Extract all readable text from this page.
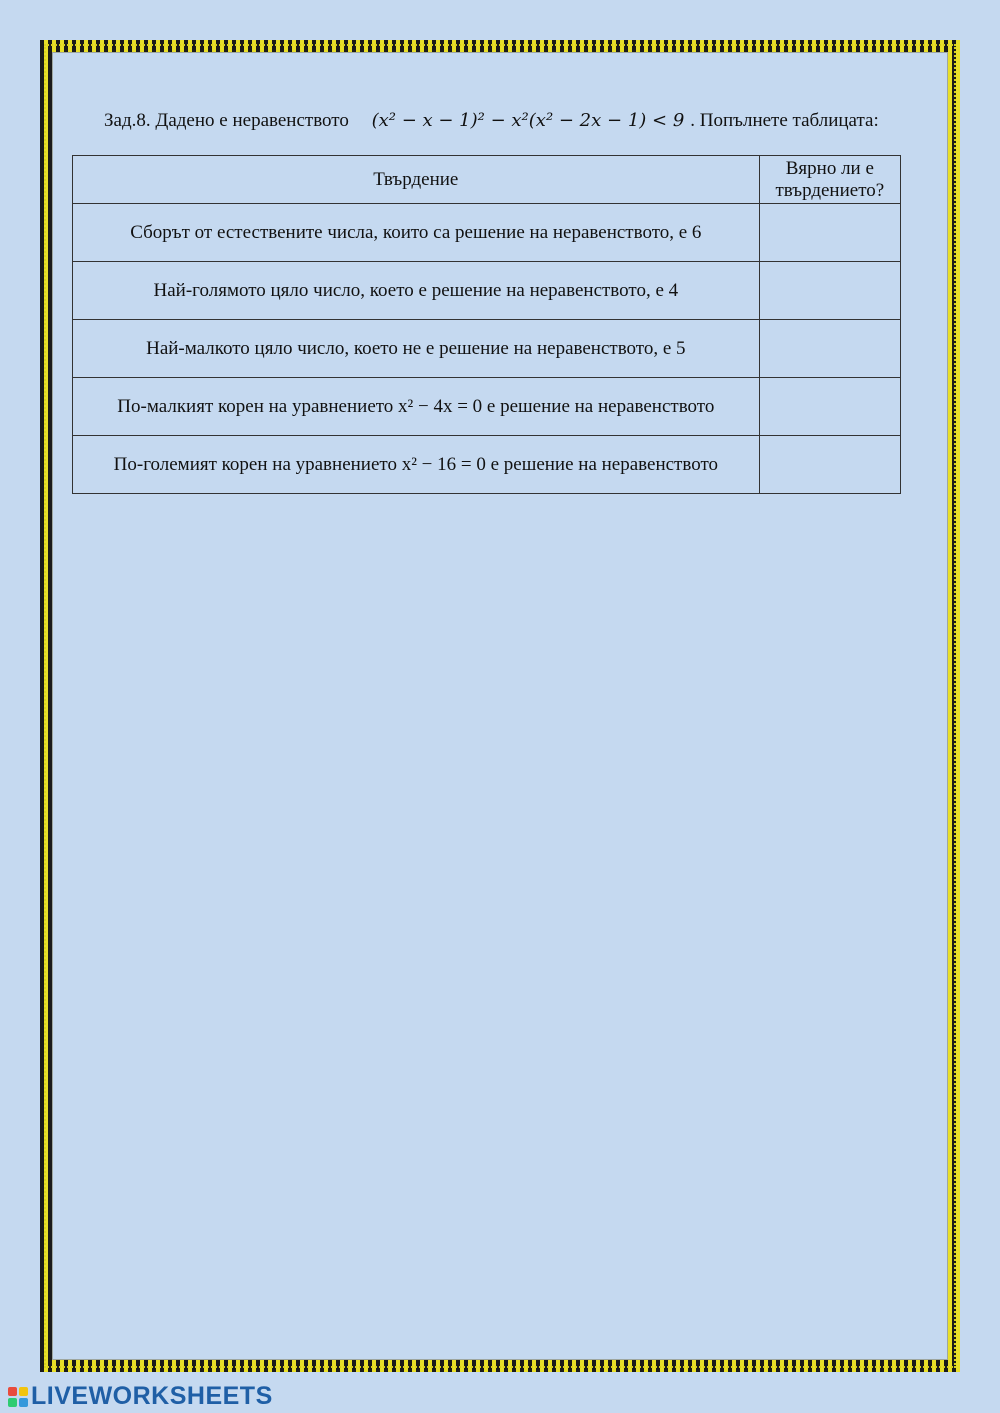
Зад.8. Дадено е неравенството (x² − x − 1)² − x²(x² − 2x − 1) < 9 . Попълнете таблицата:
Твърдение	Вярно ли е твърдението?
Сборът от естествените числа, които са решение на неравенството, е 6	
Най-голямото цяло число, което е решение на неравенството, е 4	
Най-малкото цяло число, което не е решение на неравенството, е 5	
По-малкият корен на уравнението x² − 4x = 0 е решение на неравенството	
По-големият корен на уравнението x² − 16 = 0 е решение на неравенството	
LIVEWORKSHEETS
